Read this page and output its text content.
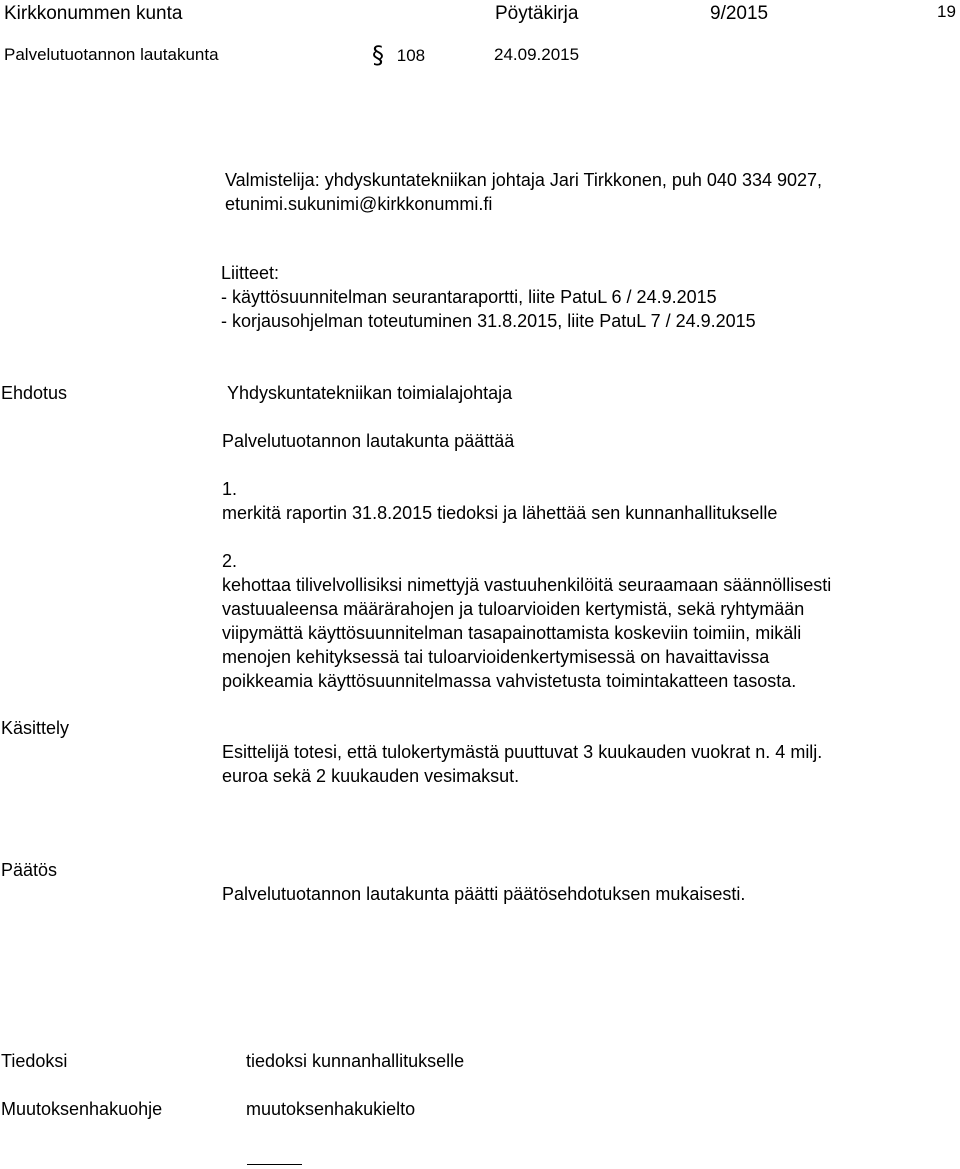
Kirkkonummen kunta	Pöytäkirja	9/2015	19
Palvelutuotannon lautakunta	§ 108	24.09.2015
Valmistelija: yhdyskuntatekniikan johtaja Jari Tirkkonen, puh 040 334 9027,
etunimi.sukunimi@kirkkonummi.fi
Liitteet:
- käyttösuunnitelman seurantaraportti, liite PatuL 6 / 24.9.2015
- korjausohjelman toteutuminen 31.8.2015, liite PatuL 7 / 24.9.2015
Ehdotus	Yhdyskuntatekniikan toimialajohtaja
Palvelutuotannon lautakunta päättää
1.
merkitä raportin 31.8.2015 tiedoksi ja lähettää sen kunnanhallitukselle
2.
kehottaa tilivelvollisiksi nimettyjä vastuuhenkilöitä seuraamaan säännöllisesti
vastuualeensa määrärahojen ja tuloarvioiden kertymistä, sekä ryhtymään
viipymättä käyttösuunnitelman tasapainottamista koskeviin toimiin, mikäli
menojen kehityksessä tai tuloarvioidenkertymisessä on havaittavissa
poikkeamia käyttösuunnitelmassa vahvistetusta toimintakatteen tasosta.
Käsittely
Esittelijä totesi, että tulokertymästä puuttuvat 3 kuukauden vuokrat n. 4 milj.
euroa sekä 2 kuukauden vesimaksut.
Päätös
Palvelutuotannon lautakunta päätti päätösehdotuksen mukaisesti.
Tiedoksi	tiedoksi kunnanhallitukselle
Muutoksenhakuohje	muutoksenhakukielto
